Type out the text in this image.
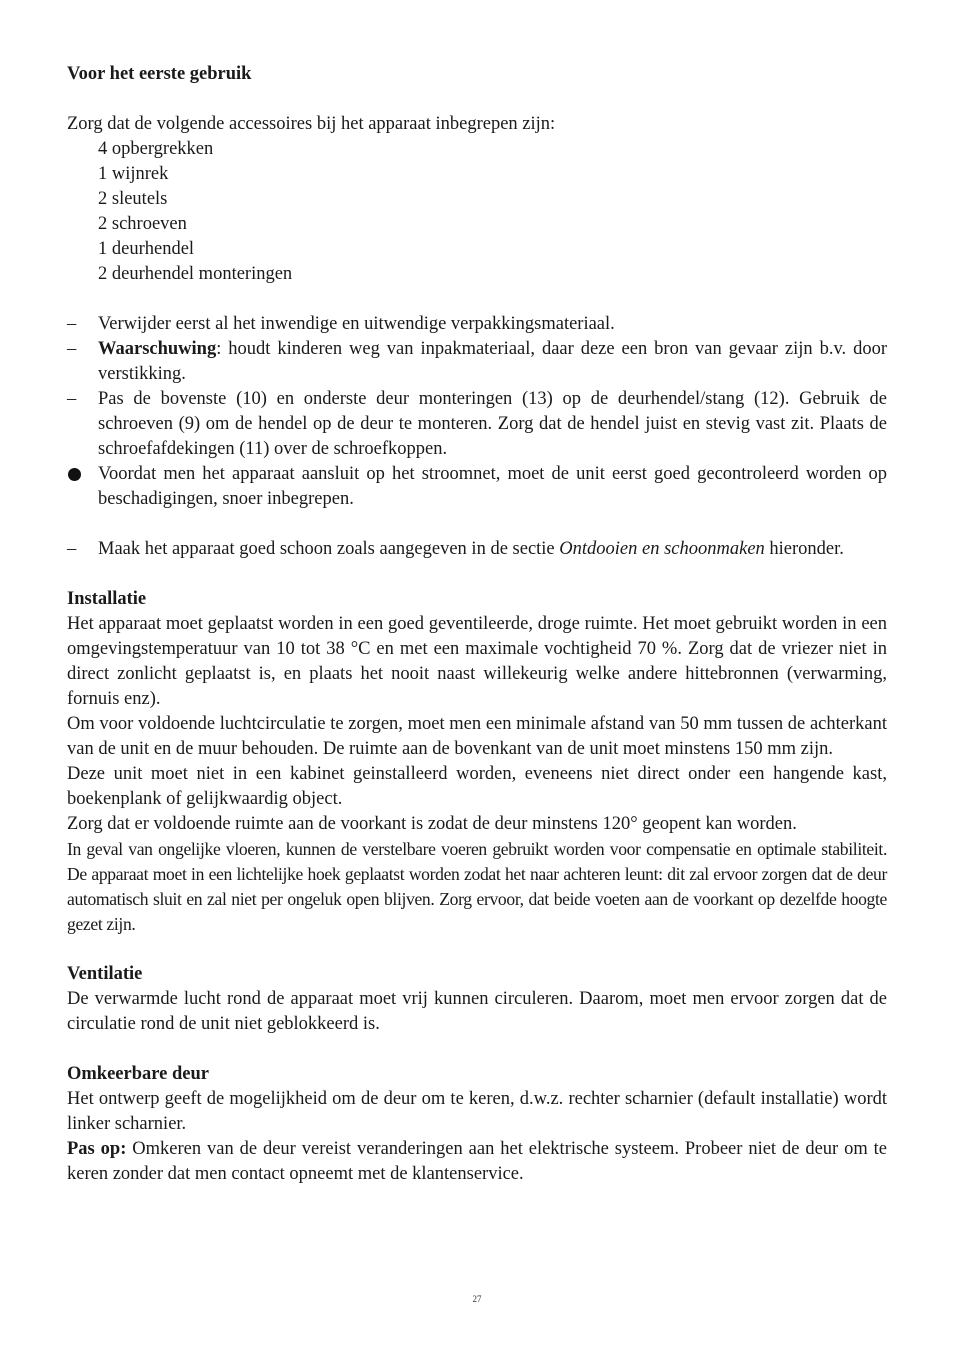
Voor het eerste gebruik
Zorg dat de volgende accessoires bij het apparaat inbegrepen zijn:
4 opbergrekken
1 wijnrek
2 sleutels
2 schroeven
1 deurhendel
2 deurhendel monteringen
–	Verwijder eerst al het inwendige en uitwendige verpakkingsmateriaal.
–	Waarschuwing: houdt kinderen weg van inpakmateriaal, daar deze een bron van gevaar zijn b.v. door verstikking.
–	Pas de bovenste (10) en onderste deur monteringen (13) op de deurhendel/stang (12). Gebruik de schroeven (9) om de hendel op de deur te monteren. Zorg dat de hendel juist en stevig vast zit. Plaats de schroefafdekingen (11) over de schroefkoppen.
Voordat men het apparaat aansluit op het stroomnet, moet de unit eerst goed gecontroleerd worden op beschadigingen, snoer inbegrepen.
–	Maak het apparaat goed schoon zoals aangegeven in de sectie Ontdooien en schoonmaken hieronder.
Installatie
Het apparaat moet geplaatst worden in een goed geventileerde, droge ruimte. Het moet gebruikt worden in een omgevingstemperatuur van 10 tot 38 °C en met een maximale vochtigheid 70 %. Zorg dat de vriezer niet in direct zonlicht geplaatst is, en plaats het nooit naast willekeurig welke andere hittebronnen (verwarming, fornuis enz).
Om voor voldoende luchtcirculatie te zorgen, moet men een minimale afstand van 50 mm tussen de achterkant van de unit en de muur behouden. De ruimte aan de bovenkant van de unit moet minstens 150 mm zijn.
Deze unit moet niet in een kabinet geinstalleerd worden, eveneens niet direct onder een hangende kast, boekenplank of gelijkwaardig object.
Zorg dat er voldoende ruimte aan de voorkant is zodat de deur minstens 120° geopent kan worden.
In geval van ongelijke vloeren, kunnen de verstelbare voeren gebruikt worden voor compensatie en optimale stabiliteit. De apparaat moet in een lichtelijke hoek geplaatst worden zodat het naar achteren leunt: dit zal ervoor zorgen dat de deur automatisch sluit en zal niet per ongeluk open blijven. Zorg ervoor, dat beide voeten aan de voorkant op dezelfde hoogte gezet zijn.
Ventilatie
De verwarmde lucht rond de apparaat moet vrij kunnen circuleren. Daarom, moet men ervoor zorgen dat de circulatie rond de unit niet geblokkeerd is.
Omkeerbare deur
Het ontwerp geeft de mogelijkheid om de deur om te keren, d.w.z. rechter scharnier (default installatie) wordt linker scharnier.
Pas op: Omkeren van de deur vereist veranderingen aan het elektrische systeem. Probeer niet de deur om te keren zonder dat men contact opneemt met de klantenservice.
27
